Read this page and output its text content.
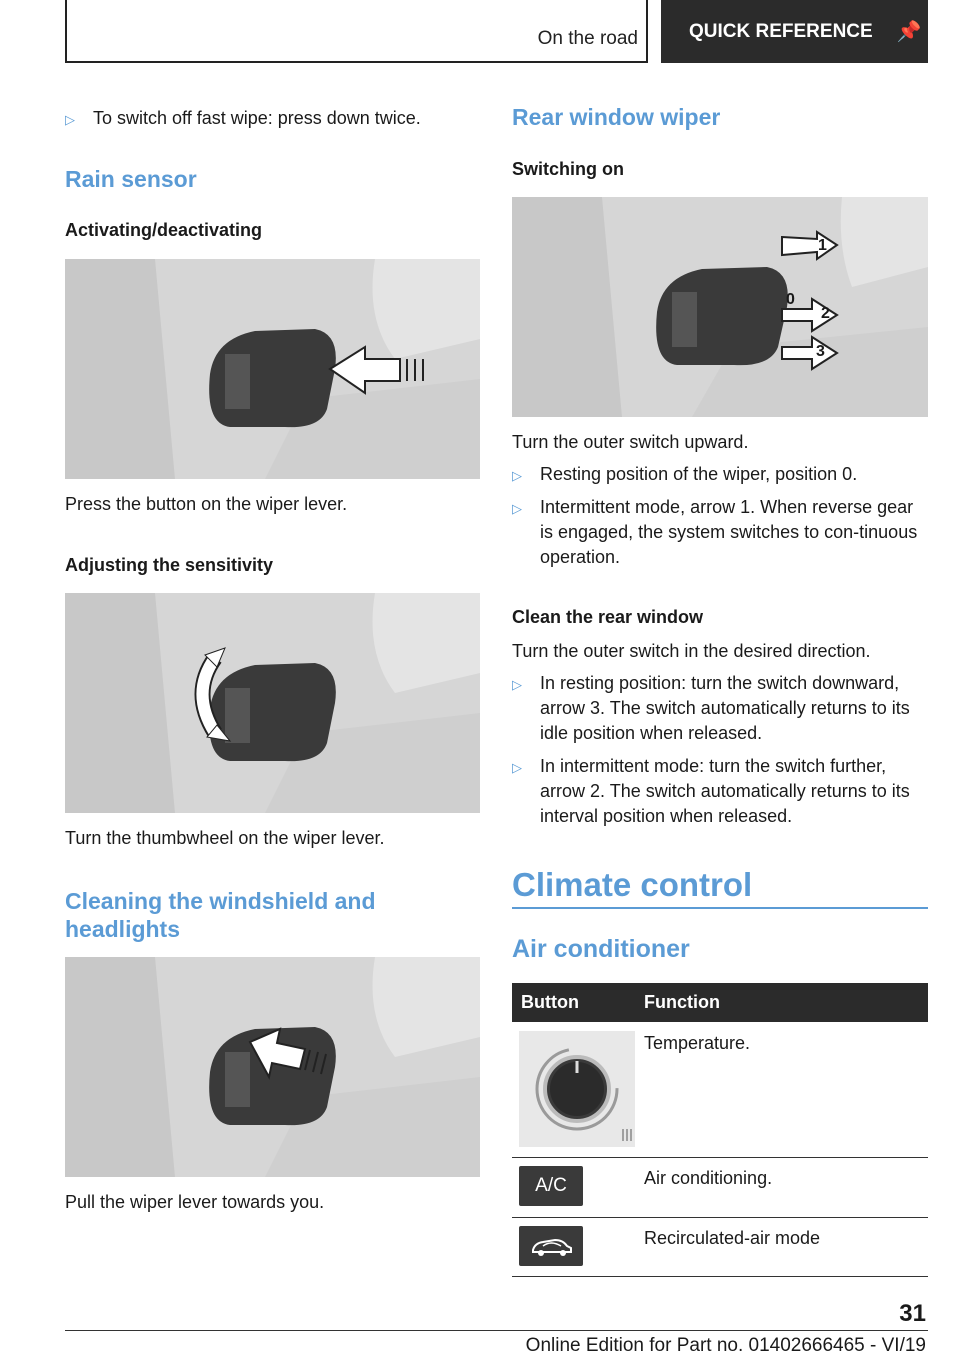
On the road	QUICK REFERENCE 📌
▷	To switch off fast wipe: press down twice.
Rain sensor
Activating/deactivating
Press the button on the wiper lever.
Adjusting the sensitivity
Turn the thumbwheel on the wiper lever.
Cleaning the windshield and
headlights
Pull the wiper lever towards you.
Rear window wiper
Switching on
1
0
2
3
Turn the outer switch upward.
▷	Resting position of the wiper, position 0.
▷	Intermittent mode, arrow 1. When reverse gear is engaged, the system switches to con-tinuous operation.
Clean the rear window
Turn the outer switch in the desired direction.
▷	In resting position: turn the switch downward, arrow 3. The switch automatically returns to its idle position when released.
▷	In intermittent mode: turn the switch further, arrow 2. The switch automatically returns to its interval position when released.
Climate control
Air conditioner
Button	Function
Temperature.
A/C	Air conditioning.
Recirculated-air mode
31
Online Edition for Part no. 01402666465 - VI/19
